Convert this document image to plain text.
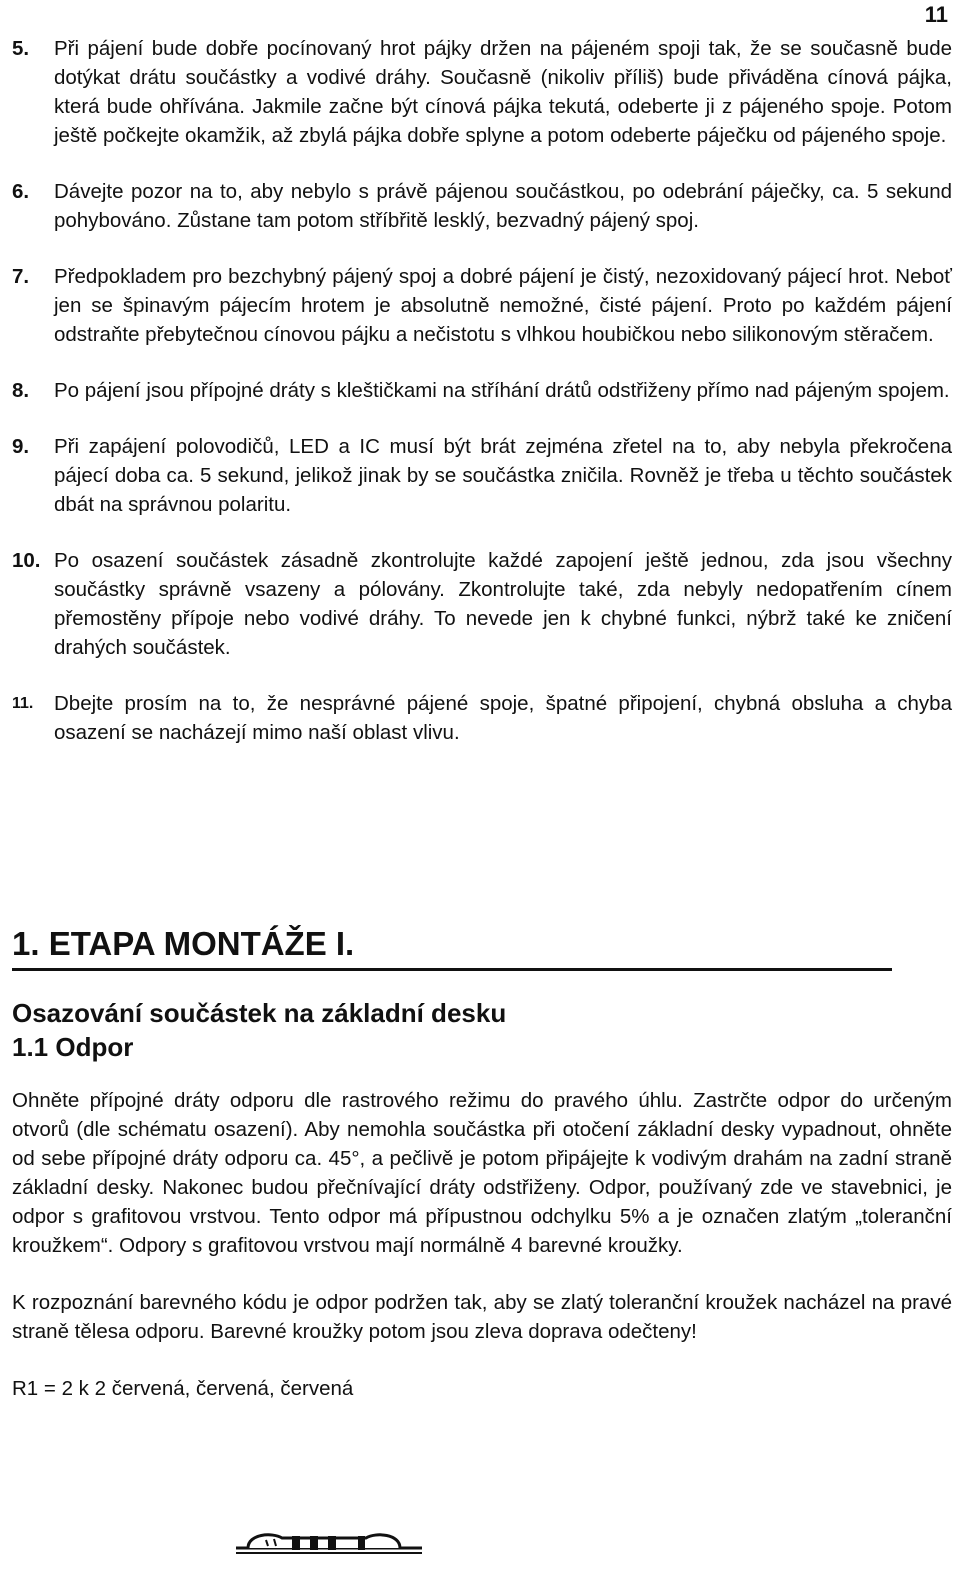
11
5. Při pájení bude dobře pocínovaný hrot pájky držen na pájeném spoji tak, že se současně bude dotýkat drátu součástky a vodivé dráhy. Současně (nikoliv příliš) bude přiváděna cínová pájka, která bude ohřívána. Jakmile začne být cínová pájka tekutá, odeberte ji z pájeného spoje. Potom ještě počkejte okamžik, až zbylá pájka dobře splyne a potom odeberte páječku od pájeného spoje.
6. Dávejte pozor na to, aby nebylo s právě pájenou součástkou, po odebrání páječky, ca. 5 sekund pohybováno. Zůstane tam potom stříbřitě lesklý, bezvadný pájený spoj.
7. Předpokladem pro bezchybný pájený spoj a dobré pájení je čistý, nezoxidovaný pájecí hrot. Neboť jen se špinavým pájecím hrotem je absolutně nemožné, čisté pájení. Proto po každém pájení odstraňte přebytečnou cínovou pájku a nečistotu s vlhkou houbičkou nebo silikonovým stěračem.
8. Po pájení jsou přípojné dráty s kleštičkami na stříhání drátů odstřiženy přímo nad pájeným spojem.
9. Při zapájení polovodičů, LED a IC musí být brát zejména zřetel na to, aby nebyla překročena pájecí doba ca. 5 sekund, jelikož jinak by se součástka zničila. Rovněž je třeba u těchto součástek dbát na správnou polaritu.
10. Po osazení součástek zásadně zkontrolujte každé zapojení ještě jednou, zda jsou všechny součástky správně vsazeny a pólovány. Zkontrolujte také, zda nebyly nedopatřením cínem přemostěny přípoje nebo vodivé dráhy. To nevede jen k chybné funkci, nýbrž také ke zničení drahých součástek.
11. Dbejte prosím na to, že nesprávné pájené spoje, špatné připojení, chybná obsluha a chyba osazení se nacházejí mimo naší oblast vlivu.
1. ETAPA MONTÁŽE I.
Osazování součástek na základní desku
1.1 Odpor

Ohněte přípojné dráty odporu dle rastrového režimu do pravého úhlu. Zastrčte odpor do určeným otvorů (dle schématu osazení). Aby nemohla součástka při otočení základní desky vypadnout, ohněte od sebe přípojné dráty odporu ca. 45°, a pečlivě je potom připájejte k vodivým drahám na zadní straně základní desky. Nakonec budou přečnívající dráty odstřiženy. Odpor, používaný zde ve stavebnici, je odpor s grafitovou vrstvou. Tento odpor má přípustnou odchylku 5% a je označen zlatým „toleranční kroužkem“. Odpory s grafitovou vrstvou mají normálně 4 barevné kroužky.

K rozpoznání barevného kódu je odpor podržen tak, aby se zlatý toleranční kroužek nacházel na pravé straně tělesa odporu. Barevné kroužky potom jsou zleva doprava odečteny!

R1 = 2 k 2 červená, červená, červená
